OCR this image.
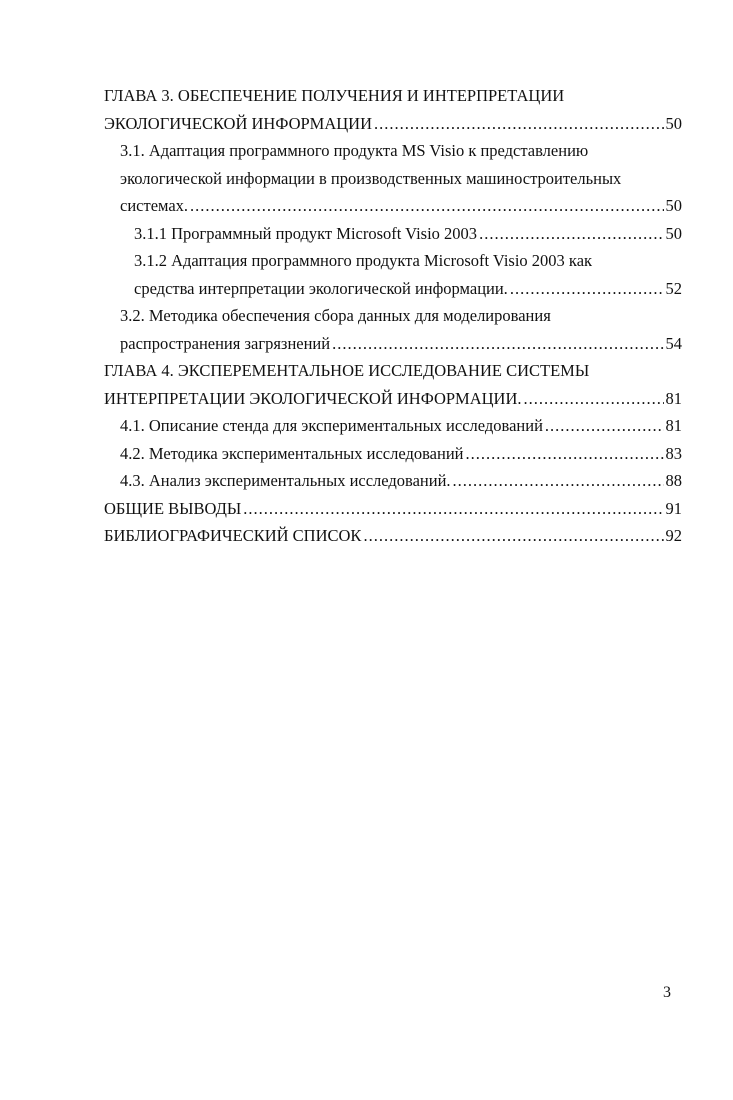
ГЛАВА 3. ОБЕСПЕЧЕНИЕ ПОЛУЧЕНИЯ И ИНТЕРПРЕТАЦИИ
ЭКОЛОГИЧЕСКОЙ ИНФОРМАЦИИ .....	50
3.1. Адаптация программного продукта MS Visio к представлению
экологической информации в производственных машиностроительных
системах. .....	50
3.1.1 Программный продукт Microsoft Visio 2003 .....	50
3.1.2 Адаптация программного продукта Microsoft Visio 2003 как
средства интерпретации экологической информации. .....	52
3.2. Методика обеспечения сбора данных для моделирования
распространения загрязнений .....	54
ГЛАВА 4. ЭКСПЕРЕМЕНТАЛЬНОЕ ИССЛЕДОВАНИЕ СИСТЕМЫ
ИНТЕРПРЕТАЦИИ ЭКОЛОГИЧЕСКОЙ ИНФОРМАЦИИ. .....	81
4.1. Описание стенда для экспериментальных исследований .....	81
4.2. Методика экспериментальных исследований .....	83
4.3. Анализ экспериментальных исследований. .....	88
ОБЩИЕ ВЫВОДЫ .....	91
БИБЛИОГРАФИЧЕСКИЙ СПИСОК .....	92
3
